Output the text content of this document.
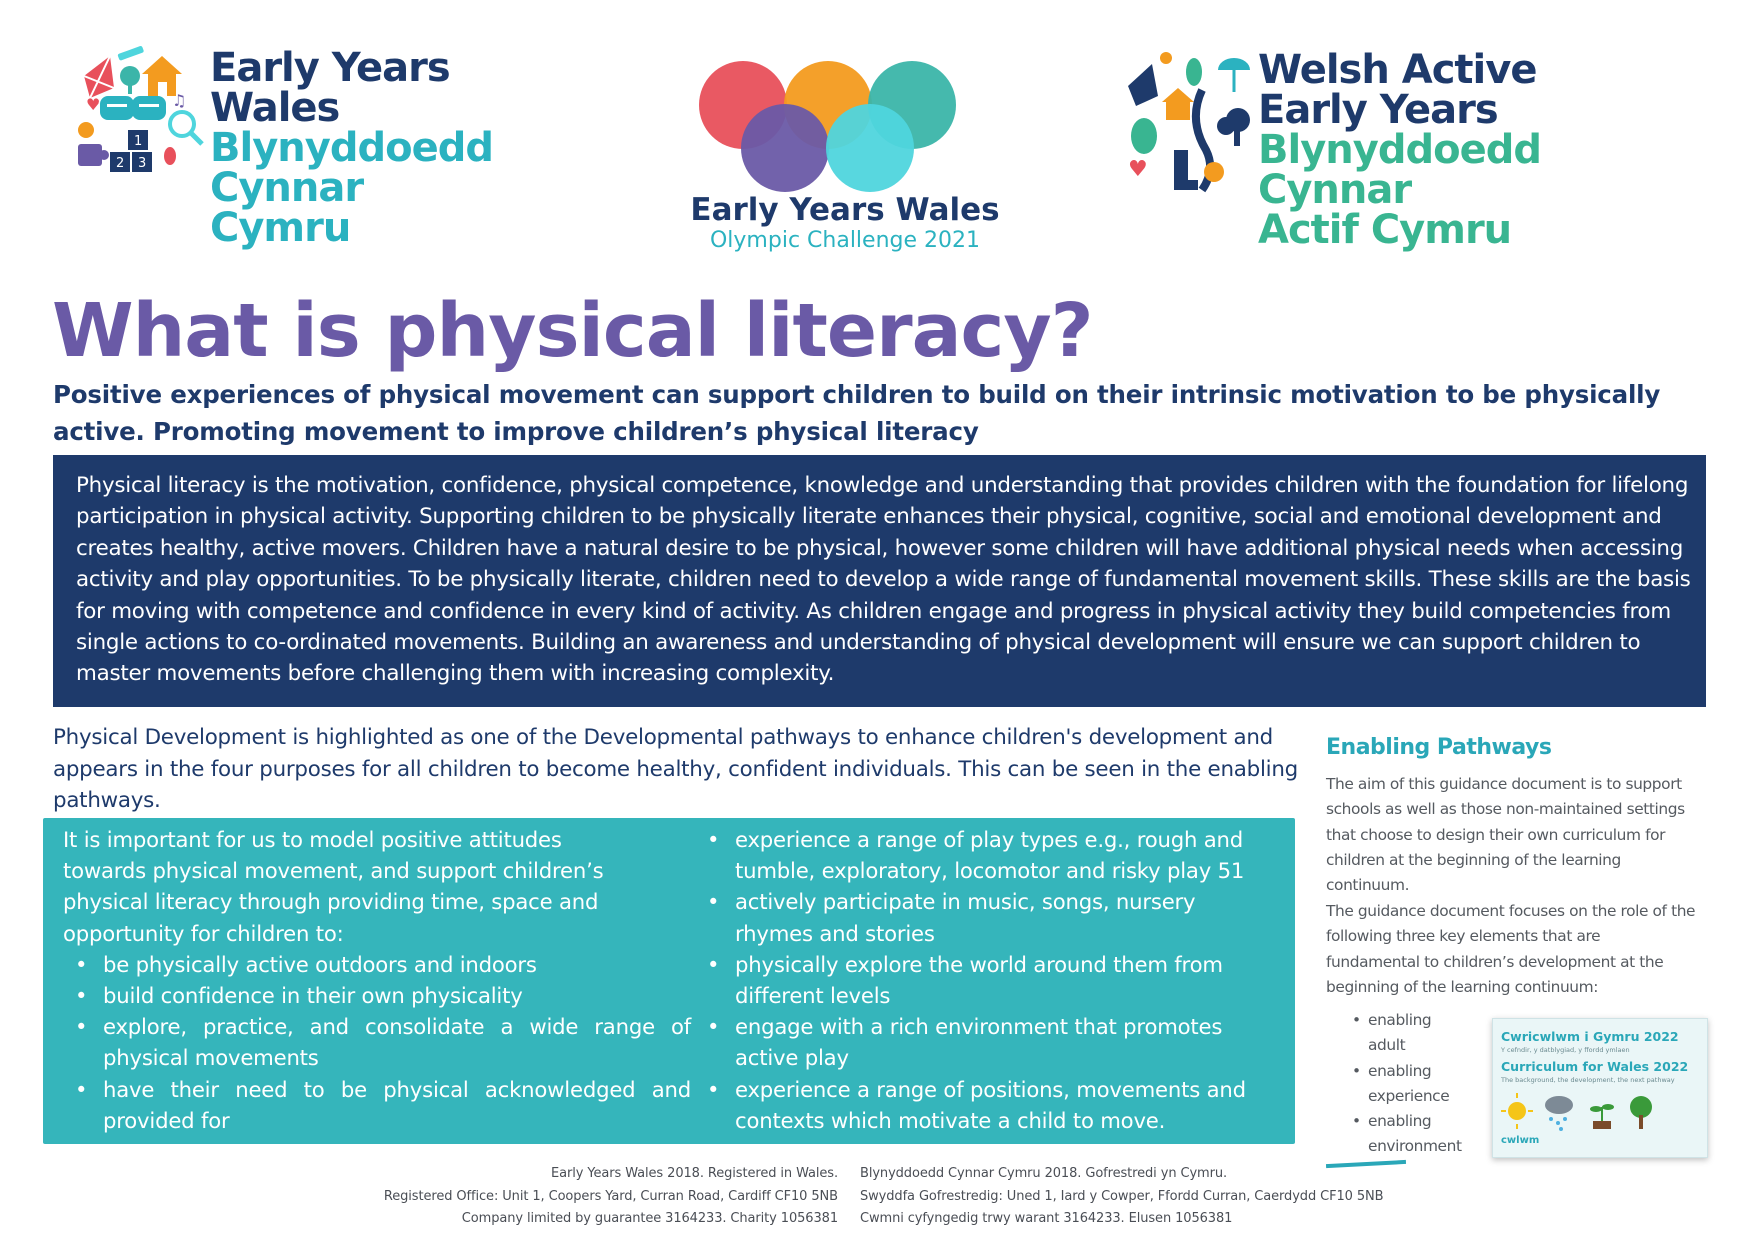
♫
♥
1
2 3
Early Years
Wales
Blynyddoedd
Cynnar Cymru	Early Years Wales
Olympic Challenge 2021
♥
Welsh Active
Early Years
Blynyddoedd Cynnar
Actif Cymru
What is physical literacy?
Positive experiences of physical movement can support children to build on their intrinsic motivation to be physically active. Promoting movement to improve children’s physical literacy
Physical literacy is the motivation, confidence, physical competence, knowledge and understanding that provides children with the foundation for lifelong participation in physical activity. Supporting children to be physically literate enhances their physical, cognitive, social and emotional development and creates healthy, active movers. Children have a natural desire to be physical, however some children will have additional physical needs when accessing activity and play opportunities. To be physically literate, children need to develop a wide range of fundamental movement skills. These skills are the basis for moving with competence and confidence in every kind of activity. As children engage and progress in physical activity they build competencies from single actions to co-ordinated movements. Building an awareness and understanding of physical development will ensure we can support children to master movements before challenging them with increasing complexity.
Physical Development is highlighted as one of the Developmental pathways to enhance children's development and appears in the four purposes for all children to become healthy, confident individuals. This can be seen in the enabling pathways.
It is important for us to model positive attitudes towards physical movement, and support children’s physical literacy through providing time, space and opportunity for children to:
• be physically active outdoors and indoors
• build confidence in their own physicality
• explore, practice, and consolidate a wide range of physical movements
• have their need to be physical acknowledged and provided for
• experience a range of play types e.g., rough and tumble, exploratory, locomotor and risky play 51
• actively participate in music, songs, nursery rhymes and stories
• physically explore the world around them from different levels
• engage with a rich environment that promotes active play
• experience a range of positions, movements and contexts which motivate a child to move.
Enabling Pathways
The aim of this guidance document is to support schools as well as those non-maintained settings that choose to design their own curriculum for children at the beginning of the learning continuum.
The guidance document focuses on the role of the following three key elements that are fundamental to children’s development at the beginning of the learning continuum:
• enabling adult
• enabling experience
• enabling environment
Cwricwlwm i Gymru 2022
Y cefndir, y datblygiad, y ffordd ymlaen
Curriculum for Wales 2022
The background, the development, the next pathway
cwlwm
Early Years Wales 2018. Registered in Wales.
Registered Office: Unit 1, Coopers Yard, Curran Road, Cardiff CF10 5NB
Company limited by guarantee 3164233. Charity 1056381
Blynyddoedd Cynnar Cymru 2018. Gofrestredi yn Cymru.
Swyddfa Gofrestredig: Uned 1, Iard y Cowper, Ffordd Curran, Caerdydd CF10 5NB
Cwmni cyfyngedig trwy warant 3164233. Elusen 1056381
